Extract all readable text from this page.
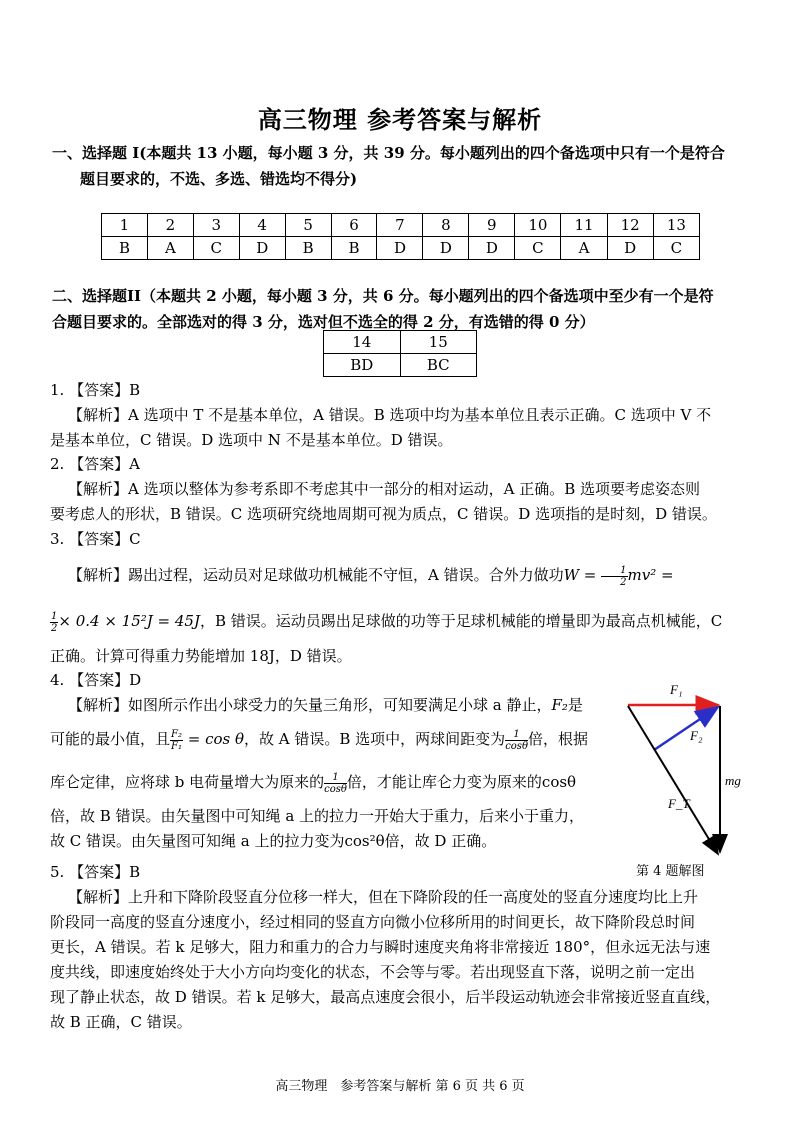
高三物理 参考答案与解析
一、选择题 I(本题共 13 小题，每小题 3 分，共 39 分。每小题列出的四个备选项中只有一个是符合
题目要求的，不选、多选、错选均不得分)
1	2	3	4	5	6	7	8	9	10	11	12	13
B	A	C	D	B	B	D	D	D	C	A	D	C
二、选择题II（本题共 2 小题，每小题 3 分，共 6 分。每小题列出的四个备选项中至少有一个是符
合题目要求的。全部选对的得 3 分，选对但不选全的得 2 分，有选错的得 0 分）
14	15
BD	BC
1. 【答案】B
【解析】A 选项中 T 不是基本单位，A 错误。B 选项中均为基本单位且表示正确。C 选项中 V 不
是基本单位，C 错误。D 选项中 N 不是基本单位。D 错误。
2. 【答案】A
【解析】A 选项以整体为参考系即不考虑其中一部分的相对运动，A 正确。B 选项要考虑姿态则
要考虑人的形状，B 错误。C 选项研究绕地周期可视为质点，C 错误。D 选项指的是时刻，D 错误。
3. 【答案】C
【解析】踢出过程，运动员对足球做功机械能不守恒，A 错误。合外力做功$W = \frac{1}{2} mv^2$ =
$\frac{1}{2} \times 0.4 \times 15^2J = 45J$，B 错误。运动员踢出足球做的功等于足球机械能的增量即为最高点机械能，C
正确。计算可得重力势能增加 18J，D 错误。
4. 【答案】D
【解析】如图所示作出小球受力的矢量三角形，可知要满足小球 a 静止，F₂是
可能的最小值，且 $\frac{\text{F₂}}{\text{F₁}} = \cos \theta$，故 A 错误。B 选项中，两球间距变为 $\frac{1}{\cos\theta}$ 倍，根据
库仑定律，应将球 b 电荷量增大为原来的 $\frac{1}{\cos\theta}$ 倍，才能让库仑力变为原来的cosθ
倍，故 B 错误。由矢量图中可知绳 a 上的拉力一开始大于重力，后来小于重力，
故 C 错误。由矢量图可知绳 a 上的拉力变为cos²θ倍，故 D 正确。
F₁
F₂
mg
F_T
第 4 题解图
5. 【答案】B
【解析】上升和下降阶段竖直分位移一样大，但在下降阶段的任一高度处的竖直分速度均比上升
阶段同一高度的竖直分速度小，经过相同的竖直方向微小位移所用的时间更长，故下降阶段总时间
更长，A 错误。若 k 足够大，阻力和重力的合力与瞬时速度夹角将非常接近 180°，但永远无法与速
度共线，即速度始终处于大小方向均变化的状态，不会等与零。若出现竖直下落，说明之前一定出
现了静止状态，故 D 错误。若 k 足够大，最高点速度会很小，后半段运动轨迹会非常接近竖直直线，
故 B 正确，C 错误。
高三物理　参考答案与解析 第 6 页 共 6 页
